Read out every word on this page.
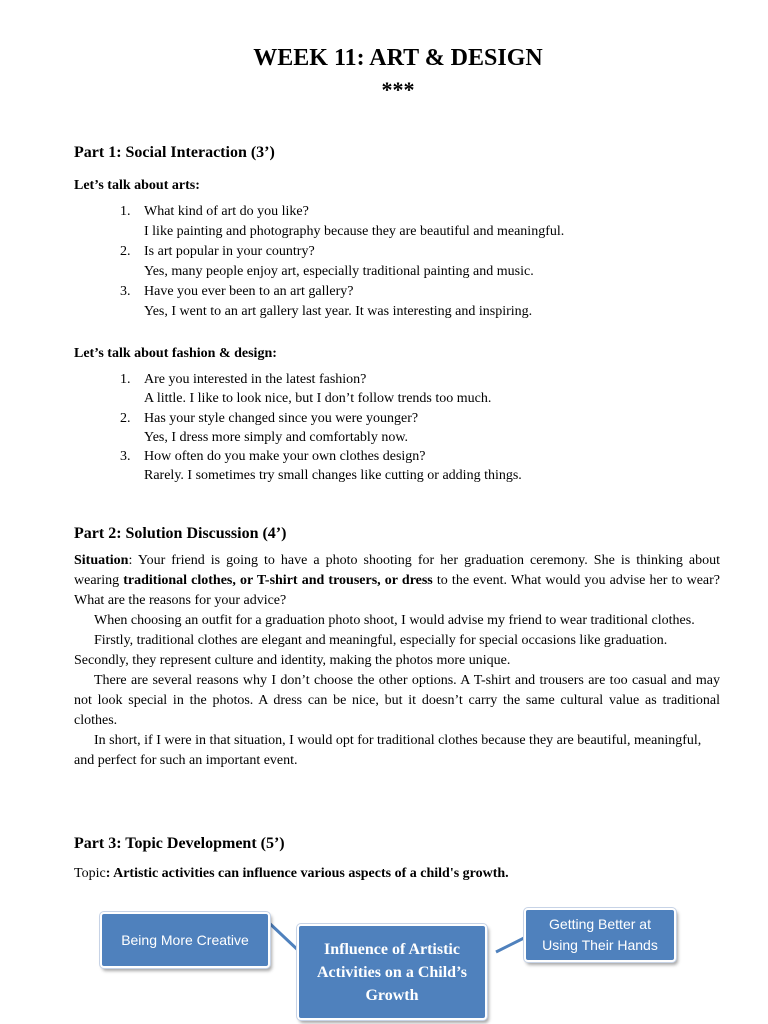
WEEK 11: ART & DESIGN
***
Part 1: Social Interaction (3’)
Let’s talk about arts:
1. What kind of art do you like?
I like painting and photography because they are beautiful and meaningful.
2. Is art popular in your country?
Yes, many people enjoy art, especially traditional painting and music.
3. Have you ever been to an art gallery?
Yes, I went to an art gallery last year. It was interesting and inspiring.
Let’s talk about fashion & design:
1. Are you interested in the latest fashion?
A little. I like to look nice, but I don’t follow trends too much.
2. Has your style changed since you were younger?
Yes, I dress more simply and comfortably now.
3. How often do you make your own clothes design?
Rarely. I sometimes try small changes like cutting or adding things.
Part 2: Solution Discussion (4’)

Situation: Your friend is going to have a photo shooting for her graduation ceremony. She is thinking about wearing traditional clothes, or T-shirt and trousers, or dress to the event. What would you advise her to wear? What are the reasons for your advice?

When choosing an outfit for a graduation photo shoot, I would advise my friend to wear traditional clothes.

Firstly, traditional clothes are elegant and meaningful, especially for special occasions like graduation.

Secondly, they represent culture and identity, making the photos more unique.

There are several reasons why I don’t choose the other options. A T-shirt and trousers are too casual and may not look special in the photos. A dress can be nice, but it doesn’t carry the same cultural value as traditional clothes.

In short, if I were in that situation, I would opt for traditional clothes because they are beautiful, meaningful, and perfect for such an important event.

Part 3: Topic Development (5’)
Topic: Artistic activities can influence various aspects of a child's growth.
Being More Creative
Influence of Artistic Activities on a Child’s Growth
Getting Better at Using Their Hands
